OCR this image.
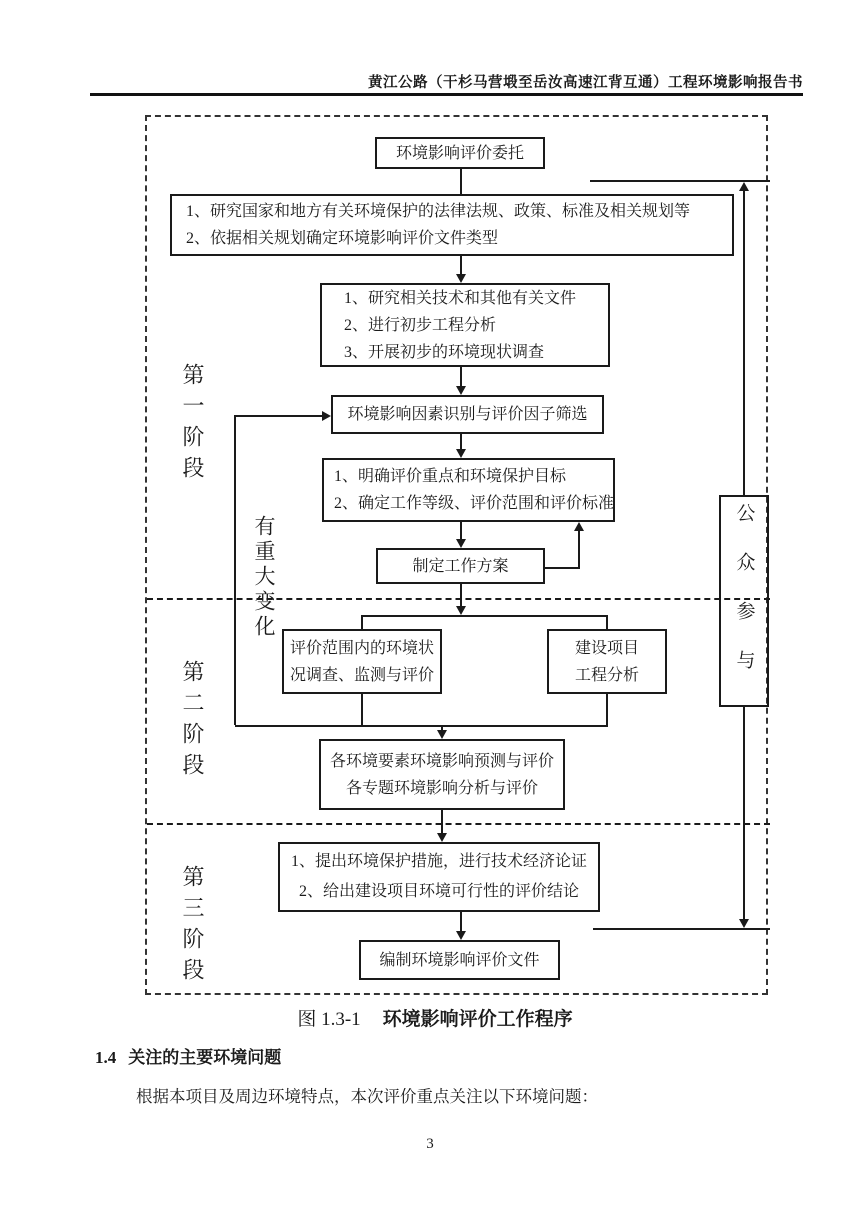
黄江公路（干杉马营塅至岳汝高速江背互通）工程环境影响报告书
第一阶段
第二阶段
第三阶段
有重大变化
环境影响评价委托
1、研究国家和地方有关环境保护的法律法规、政策、标准及相关规划等
2、依据相关规划确定环境影响评价文件类型
1、研究相关技术和其他有关文件
2、进行初步工程分析
3、开展初步的环境现状调查
环境影响因素识别与评价因子筛选
1、明确评价重点和环境保护目标
2、确定工作等级、评价范围和评价标准
制定工作方案
评价范围内的环境状
况调查、监测与评价
建设项目
工程分析
各环境要素环境影响预测与评价
各专题环境影响分析与评价
1、提出环境保护措施，进行技术经济论证
2、给出建设项目环境可行性的评价结论
编制环境影响评价文件
公众参与
图 1.3-1 环境影响评价工作程序
1.4 关注的主要环境问题
根据本项目及周边环境特点，本次评价重点关注以下环境问题：
3
